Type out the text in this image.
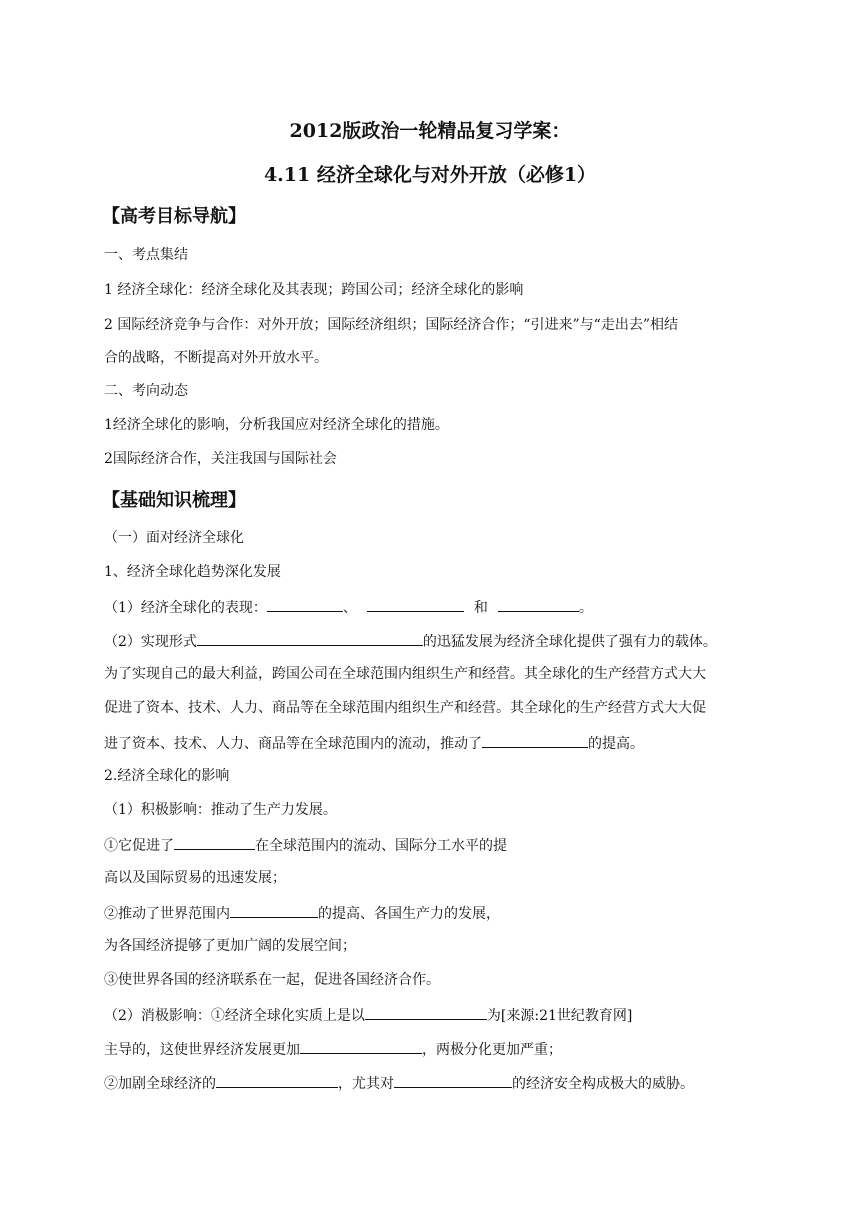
2012版政治一轮精品复习学案：
4.11 经济全球化与对外开放（必修1）
【高考目标导航】
一、考点集结
1 经济全球化：经济全球化及其表现；跨国公司；经济全球化的影响
2 国际经济竞争与合作：对外开放；国际经济组织；国际经济合作；“引进来”与“走出去”相结
合的战略，不断提高对外开放水平。
二、考向动态
1经济全球化的影响，分析我国应对经济全球化的措施。
2国际经济合作，关注我国与国际社会
【基础知识梳理】
（一）面对经济全球化
1、经济全球化趋势深化发展
（1）经济全球化的表现：	、	和	。
（2）实现形式	的迅猛发展为经济全球化提供了强有力的载体。
为了实现自己的最大利益，跨国公司在全球范围内组织生产和经营。其全球化的生产经营方式大大
促进了资本、技术、人力、商品等在全球范围内组织生产和经营。其全球化的生产经营方式大大促
进了资本、技术、人力、商品等在全球范围内的流动，推动了	的提高。
2.经济全球化的影响
（1）积极影响：推动了生产力发展。
①它促进了	在全球范围内的流动、国际分工水平的提
高以及国际贸易的迅速发展；
②推动了世界范围内	的提高、各国生产力的发展，
为各国经济提够了更加广阔的发展空间；
③使世界各国的经济联系在一起，促进各国经济合作。
（2）消极影响：①经济全球化实质上是以	为[来源:21世纪教育网]
主导的，这使世界经济发展更加	，两极分化更加严重；
②加剧全球经济的	，尤其对	的经济安全构成极大的威胁。
